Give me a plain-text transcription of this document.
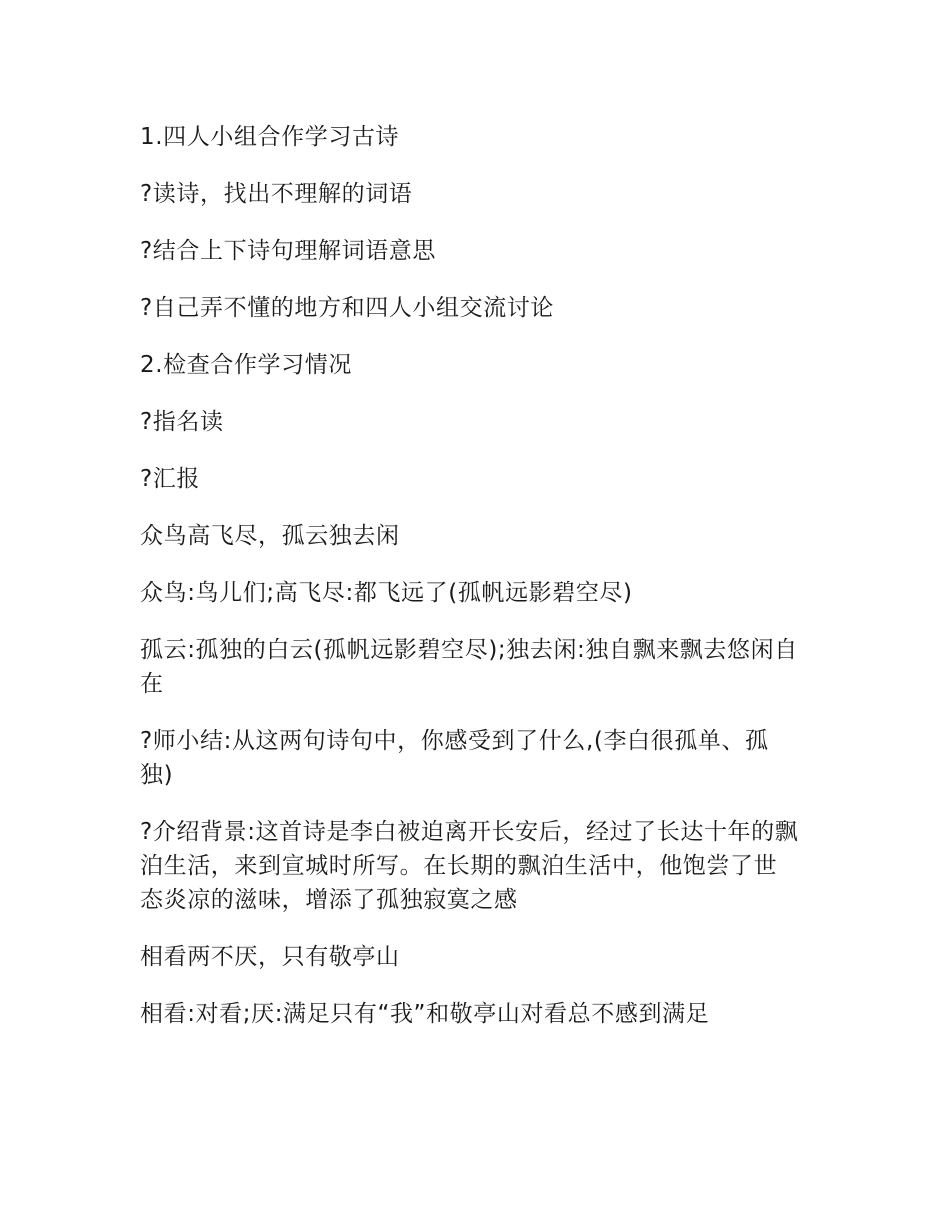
1.四人小组合作学习古诗

?读诗，找出不理解的词语

?结合上下诗句理解词语意思

?自己弄不懂的地方和四人小组交流讨论

2.检查合作学习情况

?指名读

?汇报

众鸟高飞尽，孤云独去闲

众鸟:鸟儿们;高飞尽:都飞远了(孤帆远影碧空尽)

孤云:孤独的白云(孤帆远影碧空尽);独去闲:独自飘来飘去悠闲自在

?师小结:从这两句诗句中，你感受到了什么,(李白很孤单、孤独)

?介绍背景:这首诗是李白被迫离开长安后，经过了长达十年的飘泊生活，来到宣城时所写。在长期的飘泊生活中，他饱尝了世态炎凉的滋味，增添了孤独寂寞之感

相看两不厌，只有敬亭山

相看:对看;厌:满足只有“我”和敬亭山对看总不感到满足
